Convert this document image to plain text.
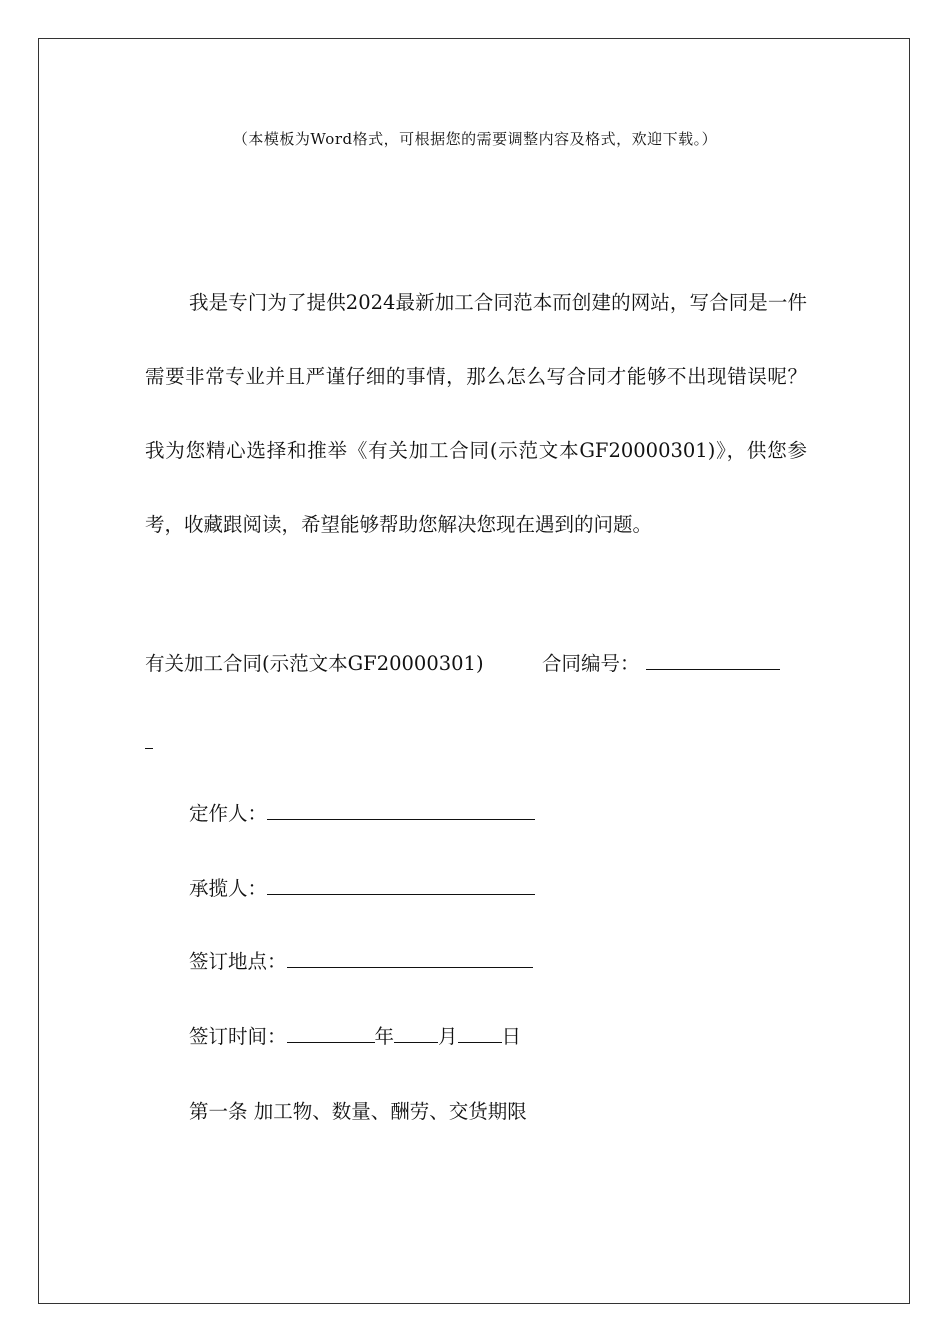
（本模板为Word格式，可根据您的需要调整内容及格式，欢迎下载。）

我是专门为了提供2024最新加工合同范本而创建的网站，写合同是一件需要非常专业并且严谨仔细的事情，那么怎么写合同才能够不出现错误呢？我为您精心选择和推举《有关加工合同(示范文本GF20000301)》，供您参考，收藏跟阅读，希望能够帮助您解决您现在遇到的问题。

有关加工合同(示范文本GF20000301)	合同编号：
定作人：
承揽人：
签订地点：
签订时间：	年 月 日
第一条 加工物、数量、酬劳、交货期限
